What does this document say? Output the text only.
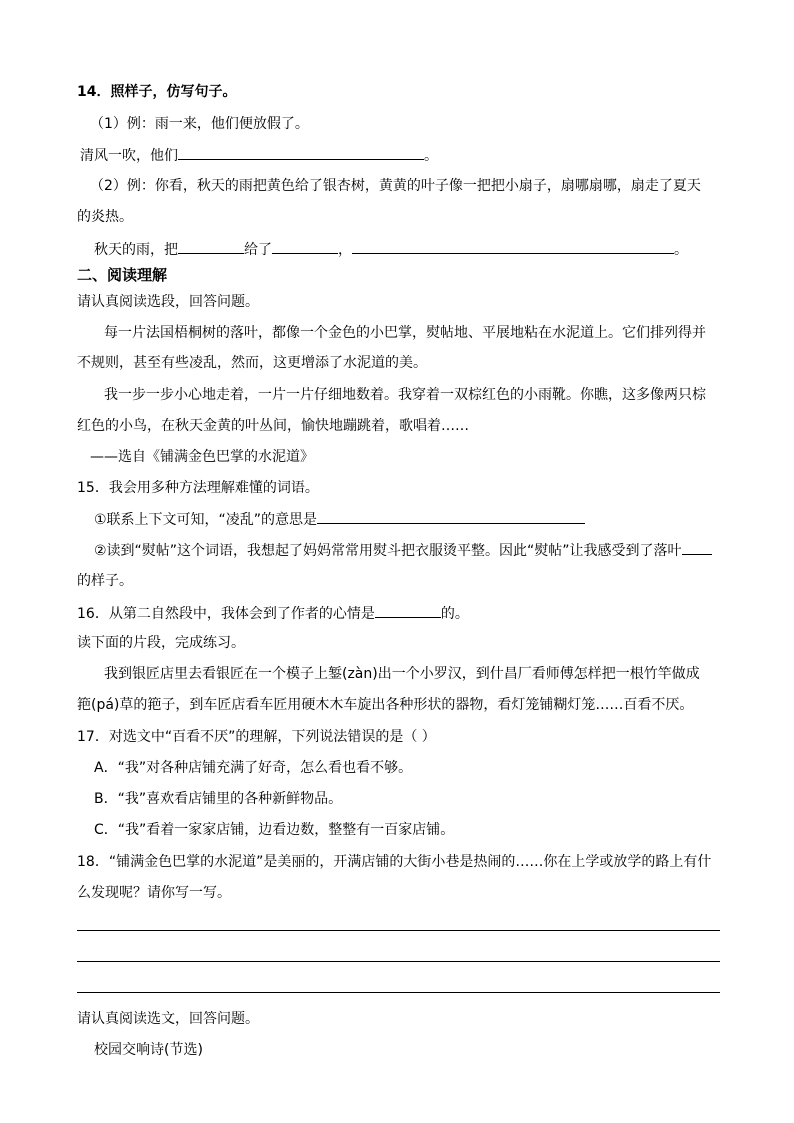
14．照样子，仿写句子。
（1）例：雨一来，他们便放假了。
清风一吹，他们	。
（2）例：你看，秋天的雨把黄色给了银杏树，黄黄的叶子像一把把小扇子，扇哪扇哪，扇走了夏天
的炎热。
秋天的雨，把	给了	，	。
二、阅读理解
请认真阅读选段，回答问题。
每一片法国梧桐树的落叶，都像一个金色的小巴掌，熨帖地、平展地粘在水泥道上。它们排列得并
不规则，甚至有些凌乱，然而，这更增添了水泥道的美。
我一步一步小心地走着，一片一片仔细地数着。我穿着一双棕红色的小雨靴。你瞧，这多像两只棕
红色的小鸟，在秋天金黄的叶丛间，愉快地蹦跳着，歌唱着……
——选自《铺满金色巴掌的水泥道》
15．我会用多种方法理解难懂的词语。
①联系上下文可知，“凌乱”的意思是
②读到“熨帖”这个词语，我想起了妈妈常常用熨斗把衣服烫平整。因此“熨帖”让我感受到了落叶
的样子。
16．从第二自然段中，我体会到了作者的心情是	的。
读下面的片段，完成练习。
我到银匠店里去看银匠在一个模子上錾(zàn)出一个小罗汉，到什昌厂看师傅怎样把一根竹竿做成
筢(pá)草的筢子，到车匠店看车匠用硬木木车旋出各种形状的器物，看灯笼铺糊灯笼……百看不厌。
17．对选文中“百看不厌”的理解，下列说法错误的是（ ）
A．“我”对各种店铺充满了好奇，怎么看也看不够。
B．“我”喜欢看店铺里的各种新鲜物品。
C．“我”看着一家家店铺，边看边数，整整有一百家店铺。
18．“铺满金色巴掌的水泥道”是美丽的，开满店铺的大街小巷是热闹的……你在上学或放学的路上有什
么发现呢？请你写一写。
请认真阅读选文，回答问题。
校园交响诗(节选)
